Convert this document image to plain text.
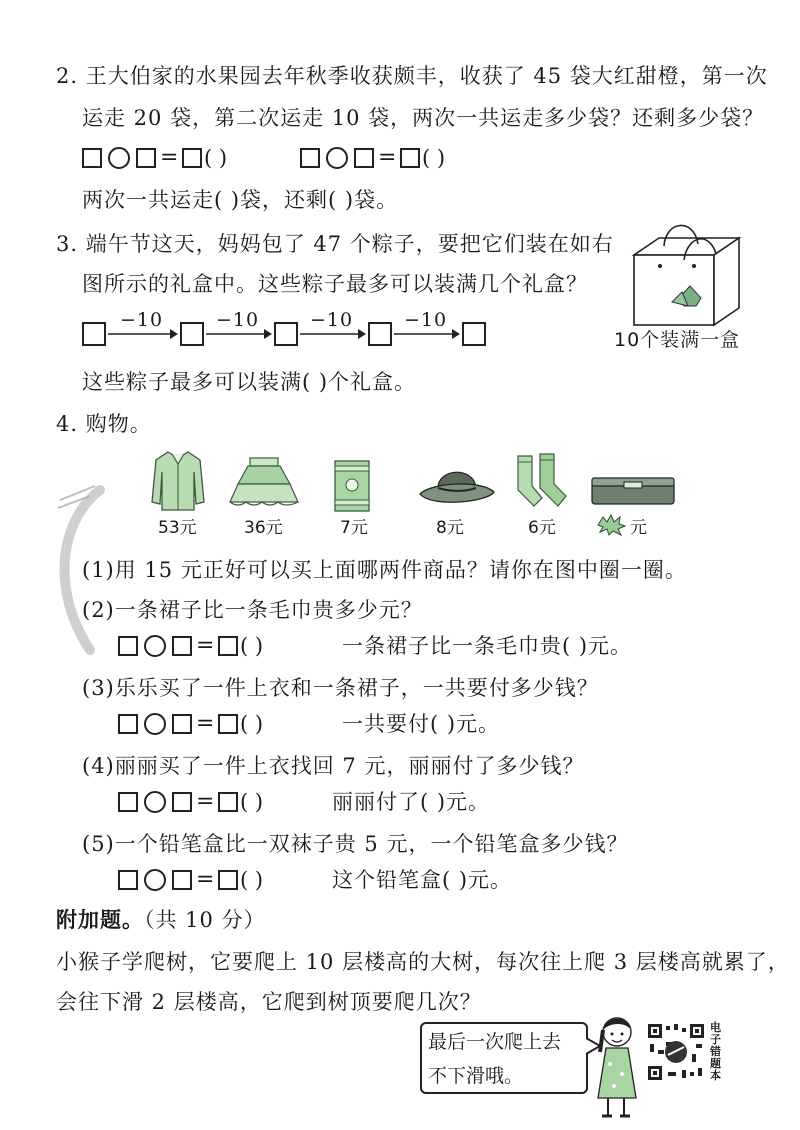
2. 王大伯家的水果园去年秋季收获颇丰，收获了 45 袋大红甜橙，第一次
运走 20 袋，第二次运走 10 袋，两次一共运走多少袋？还剩多少袋？
= ( )	= ( )
两次一共运走( )袋，还剩( )袋。
3. 端午节这天，妈妈包了 47 个粽子，要把它们装在如右
图所示的礼盒中。这些粽子最多可以装满几个礼盒？
10个装满一盒
−10	−10	−10	−10
这些粽子最多可以装满( )个礼盒。
4. 购物。
53元	36元	7元	8元	6元	元
(1)用 15 元正好可以买上面哪两件商品？请你在图中圈一圈。
(2)一条裙子比一条毛巾贵多少元？
= ( )	一条裙子比一条毛巾贵( )元。
(3)乐乐买了一件上衣和一条裙子，一共要付多少钱？
= ( )	一共要付( )元。
(4)丽丽买了一件上衣找回 7 元，丽丽付了多少钱？
= ( )	丽丽付了( )元。
(5)一个铅笔盒比一双袜子贵 5 元，一个铅笔盒多少钱？
= ( )	这个铅笔盒( )元。
附加题。（共 10 分）
小猴子学爬树，它要爬上 10 层楼高的大树，每次往上爬 3 层楼高就累了，
会往下滑 2 层楼高，它爬到树顶要爬几次？
最后一次爬上去
不下滑哦。
电子错题本
